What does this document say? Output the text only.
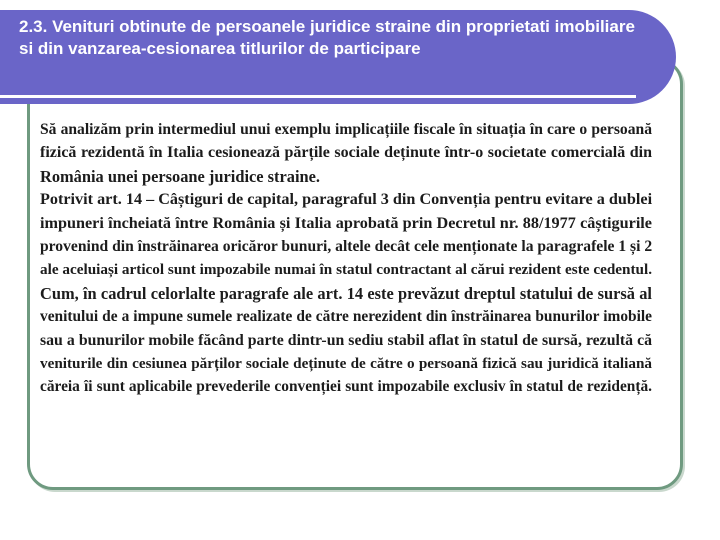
2.3. Venituri obtinute de persoanele juridice straine din proprietati imobiliare si din vanzarea-cesionarea titlurilor de participare
Să analizăm prin intermediul unui exemplu implicațiile fiscale în situația în care o persoană
fizică rezidentă în Italia cesionează părțile sociale deținute într-o societate comercială din
România unei persoane juridice straine.
Potrivit art. 14 – Câștiguri de capital, paragraful 3 din Convenția pentru evitare a dublei
impuneri încheiată între România și Italia aprobată prin Decretul nr. 88/1977 câștigurile
provenind din înstrăinarea oricăror bunuri, altele decât cele menționate la paragrafele 1 și 2
ale aceluiași articol sunt impozabile numai în statul contractant al cărui rezident este cedentul.
Cum, în cadrul celorlalte paragrafe ale art. 14 este prevăzut dreptul statului de sursă al
venitului de a impune sumele realizate de către nerezident din înstrăinarea bunurilor imobile
sau a bunurilor mobile făcând parte dintr-un sediu stabil aflat în statul de sursă, rezultă că
veniturile din cesiunea părților sociale deținute de către o persoană fizică sau juridică italiană
căreia îi sunt aplicabile prevederile convenției sunt impozabile exclusiv în statul de rezidență.
